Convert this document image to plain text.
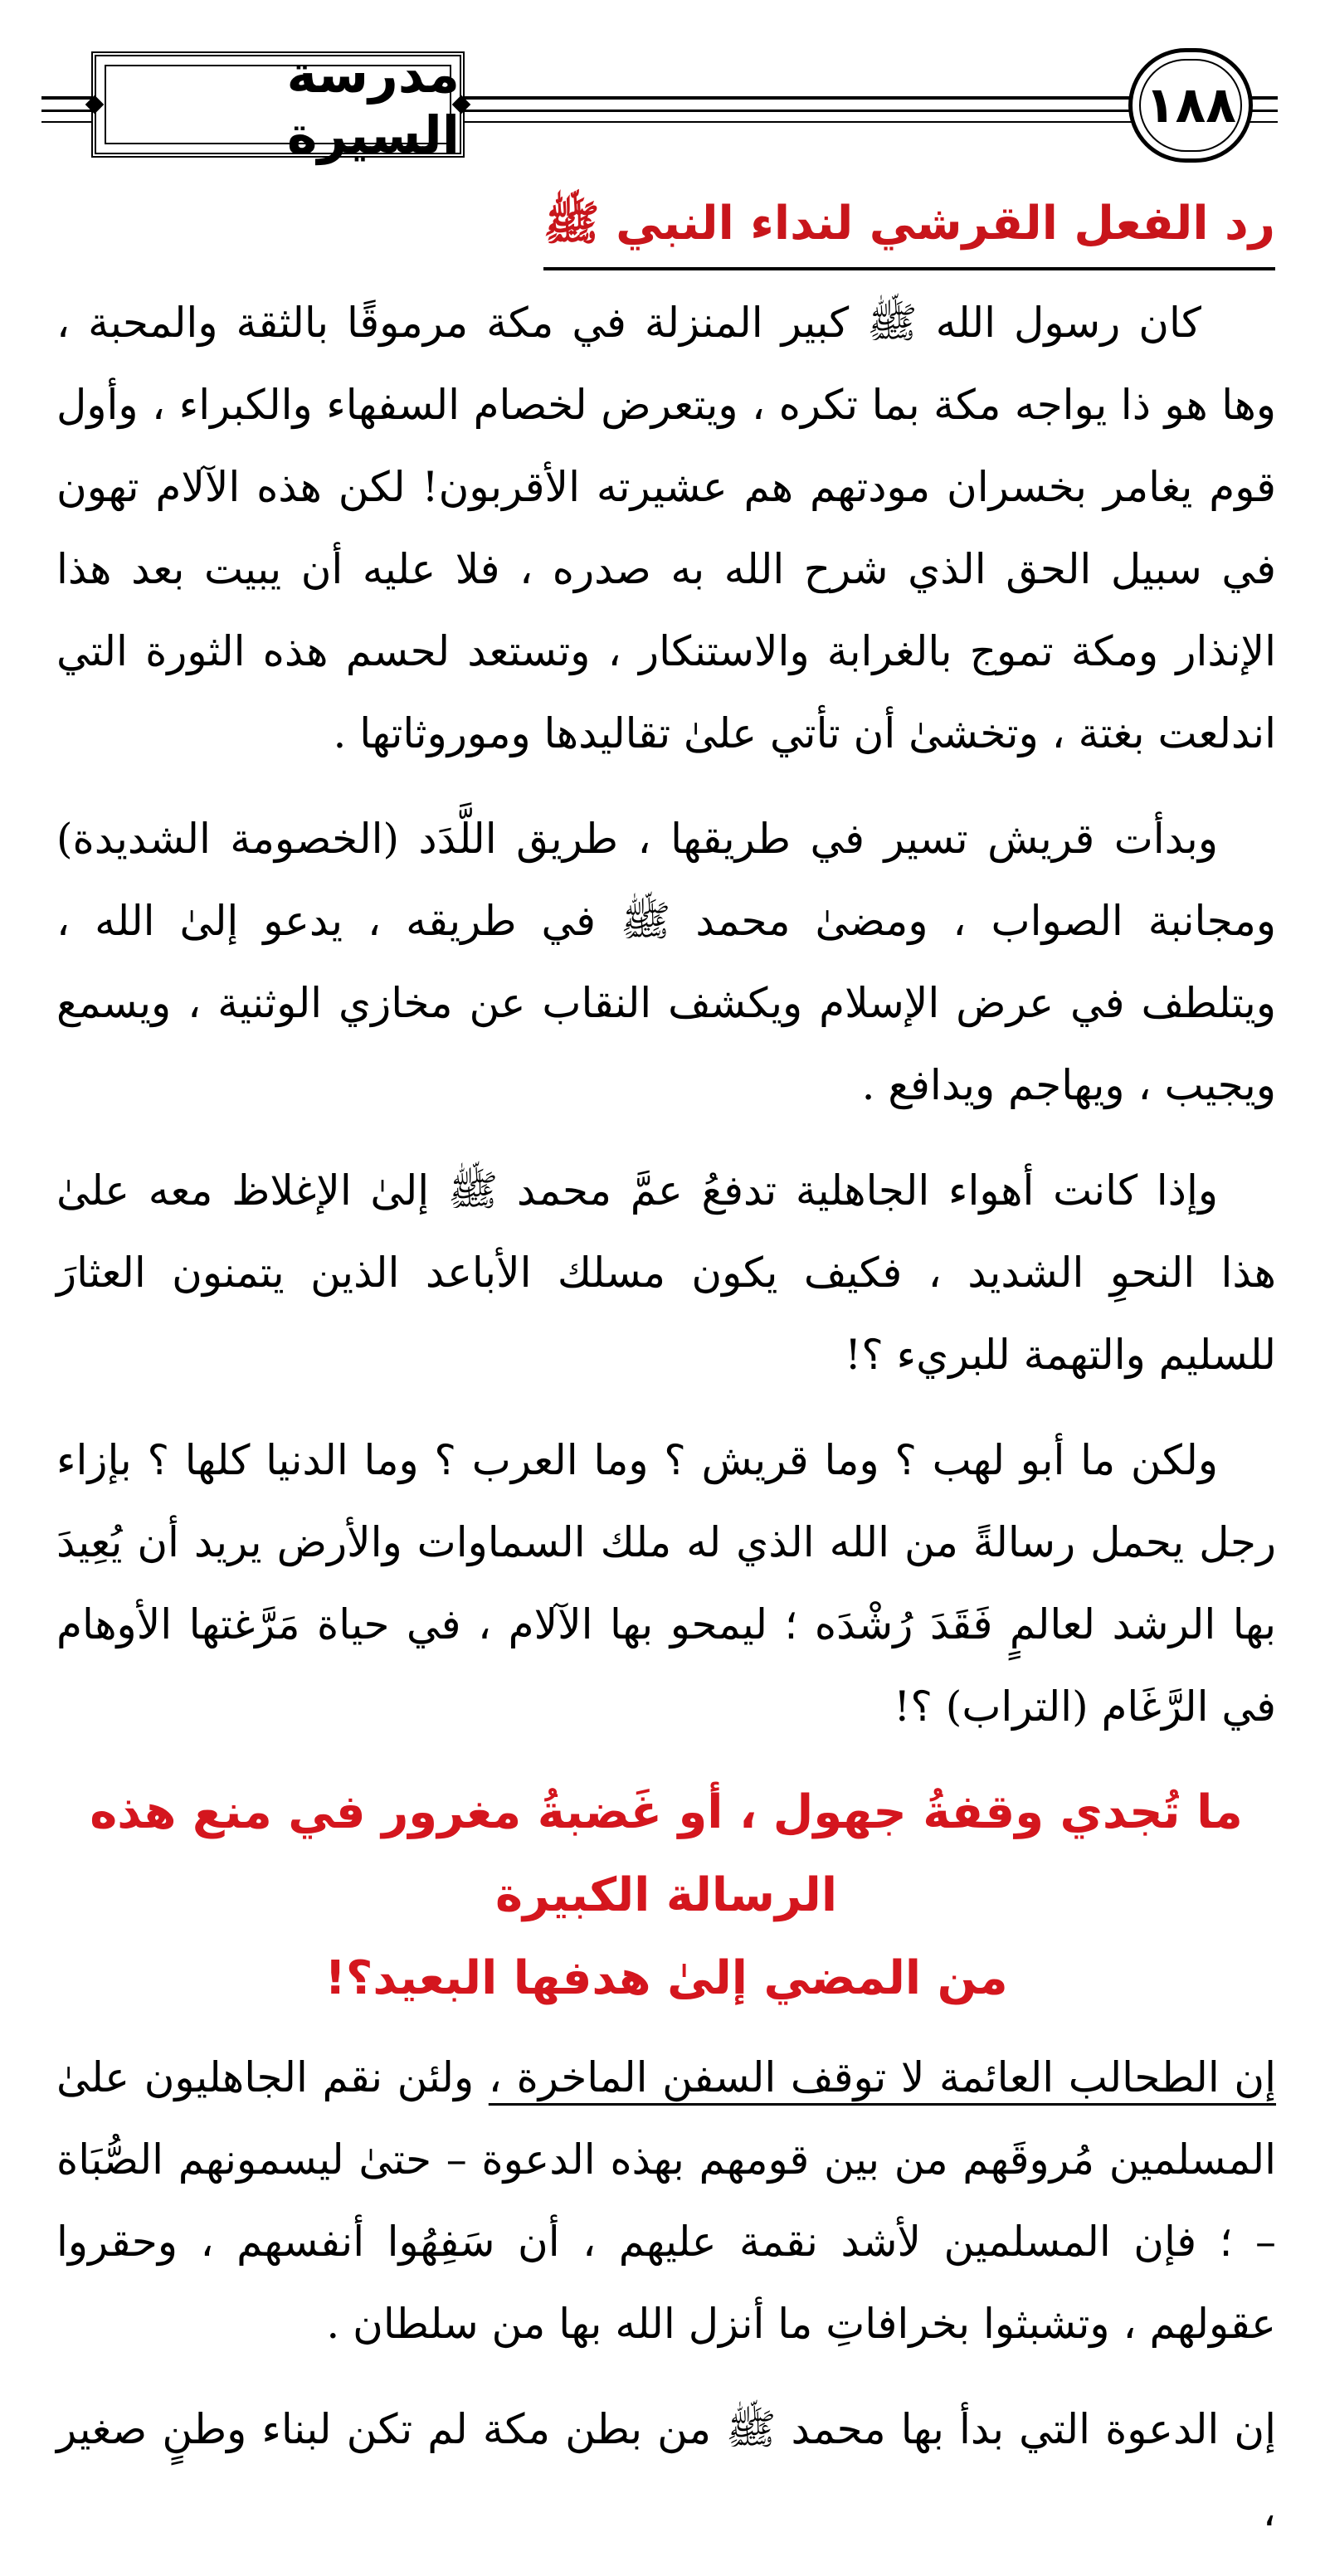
مدرسة السيرة	١٨٨
رد الفعل القرشي لنداء النبي ﷺ

كان رسول الله ﷺ كبير المنزلة في مكة مرموقًا بالثقة والمحبة ، وها هو ذا يواجه مكة بما تكره ، ويتعرض لخصام السفهاء والكبراء ، وأول قوم يغامر بخسران مودتهم هم عشيرته الأقربون! لكن هذه الآلام تهون في سبيل الحق الذي شرح الله به صدره ، فلا عليه أن يبيت بعد هذا الإنذار ومكة تموج بالغرابة والاستنكار ، وتستعد لحسم هذه الثورة التي اندلعت بغتة ، وتخشىٰ أن تأتي علىٰ تقاليدها وموروثاتها .

وبدأت قريش تسير في طريقها ، طريق اللَّدَد (الخصومة الشديدة) ومجانبة الصواب ، ومضىٰ محمد ﷺ في طريقه ، يدعو إلىٰ الله ، ويتلطف في عرض الإسلام ويكشف النقاب عن مخازي الوثنية ، ويسمع ويجيب ، ويهاجم ويدافع .

وإذا كانت أهواء الجاهلية تدفعُ عمَّ محمد ﷺ إلىٰ الإغلاظ معه علىٰ هذا النحوِ الشديد ، فكيف يكون مسلك الأباعد الذين يتمنون العثارَ للسليم والتهمة للبريء ؟!

ولكن ما أبو لهب ؟ وما قريش ؟ وما العرب ؟ وما الدنيا كلها ؟ بإزاء رجل يحمل رسالةً من الله الذي له ملك السماوات والأرض يريد أن يُعِيدَ بها الرشد لعالمٍ فَقَدَ رُشْدَه ؛ ليمحو بها الآلام ، في حياة مَرَّغتها الأوهام في الرَّغَام (التراب) ؟!

ما تُجدي وقفةُ جهول ، أو غَضبةُ مغرور في منع هذه الرسالة الكبيرة
من المضي إلىٰ هدفها البعيد؟!

إن الطحالب العائمة لا توقف السفن الماخرة ، ولئن نقم الجاهليون علىٰ المسلمين مُروقَهم من بين قومهم بهذه الدعوة – حتىٰ ليسمونهم الصُّبَاة – ؛ فإن المسلمين لأشد نقمة عليهم ، أن سَفِهُوا أنفسهم ، وحقروا عقولهم ، وتشبثوا بخرافاتِ ما أنزل الله بها من سلطان .

إن الدعوة التي بدأ بها محمد ﷺ من بطن مكة لم تكن لبناء وطنٍ صغير ،
